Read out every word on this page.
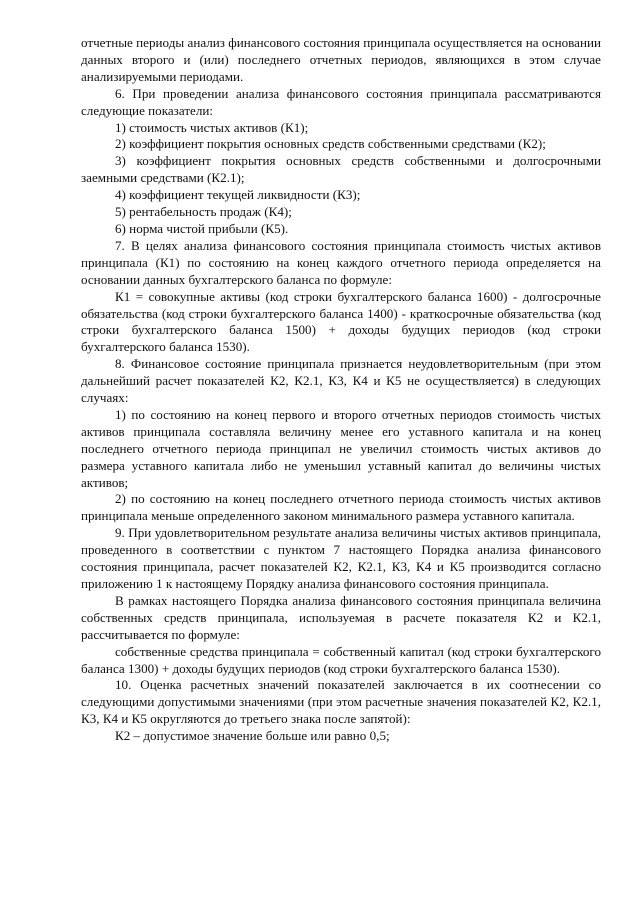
отчетные периоды анализ финансового состояния принципала осуществляется на основании данных второго и (или) последнего отчетных периодов, являющихся в этом случае анализируемыми периодами.

6. При проведении анализа финансового состояния принципала рассматриваются следующие показатели:

1) стоимость чистых активов (К1);

2) коэффициент покрытия основных средств собственными средствами (К2);

3) коэффициент покрытия основных средств собственными и долгосрочными заемными средствами (К2.1);

4) коэффициент текущей ликвидности (К3);

5) рентабельность продаж (К4);

6) норма чистой прибыли (К5).

7. В целях анализа финансового состояния принципала стоимость чистых активов принципала (К1) по состоянию на конец каждого отчетного периода определяется на основании данных бухгалтерского баланса по формуле:

К1 = совокупные активы (код строки бухгалтерского баланса 1600) - долгосрочные обязательства (код строки бухгалтерского баланса 1400) - краткосрочные обязательства (код строки бухгалтерского баланса 1500) + доходы будущих периодов (код строки бухгалтерского баланса 1530).

8. Финансовое состояние принципала признается неудовлетворительным (при этом дальнейший расчет показателей К2, К2.1, К3, К4 и К5 не осуществляется) в следующих случаях:

1) по состоянию на конец первого и второго отчетных периодов стоимость чистых активов принципала составляла величину менее его уставного капитала и на конец последнего отчетного периода принципал не увеличил стоимость чистых активов до размера уставного капитала либо не уменьшил уставный капитал до величины чистых активов;

2) по состоянию на конец последнего отчетного периода стоимость чистых активов принципала меньше определенного законом минимального размера уставного капитала.

9. При удовлетворительном результате анализа величины чистых активов принципала, проведенного в соответствии с пунктом 7 настоящего Порядка анализа финансового состояния принципала, расчет показателей К2, К2.1, К3, К4 и К5 производится согласно приложению 1 к настоящему Порядку анализа финансового состояния принципала.

В рамках настоящего Порядка анализа финансового состояния принципала величина собственных средств принципала, используемая в расчете показателя К2 и К2.1, рассчитывается по формуле:

собственные средства принципала = собственный капитал (код строки бухгалтерского баланса 1300) + доходы будущих периодов (код строки бухгалтерского баланса 1530).

10. Оценка расчетных значений показателей заключается в их соотнесении со следующими допустимыми значениями (при этом расчетные значения показателей К2, К2.1, К3, К4 и К5 округляются до третьего знака после запятой):

К2 – допустимое значение больше или равно 0,5;
